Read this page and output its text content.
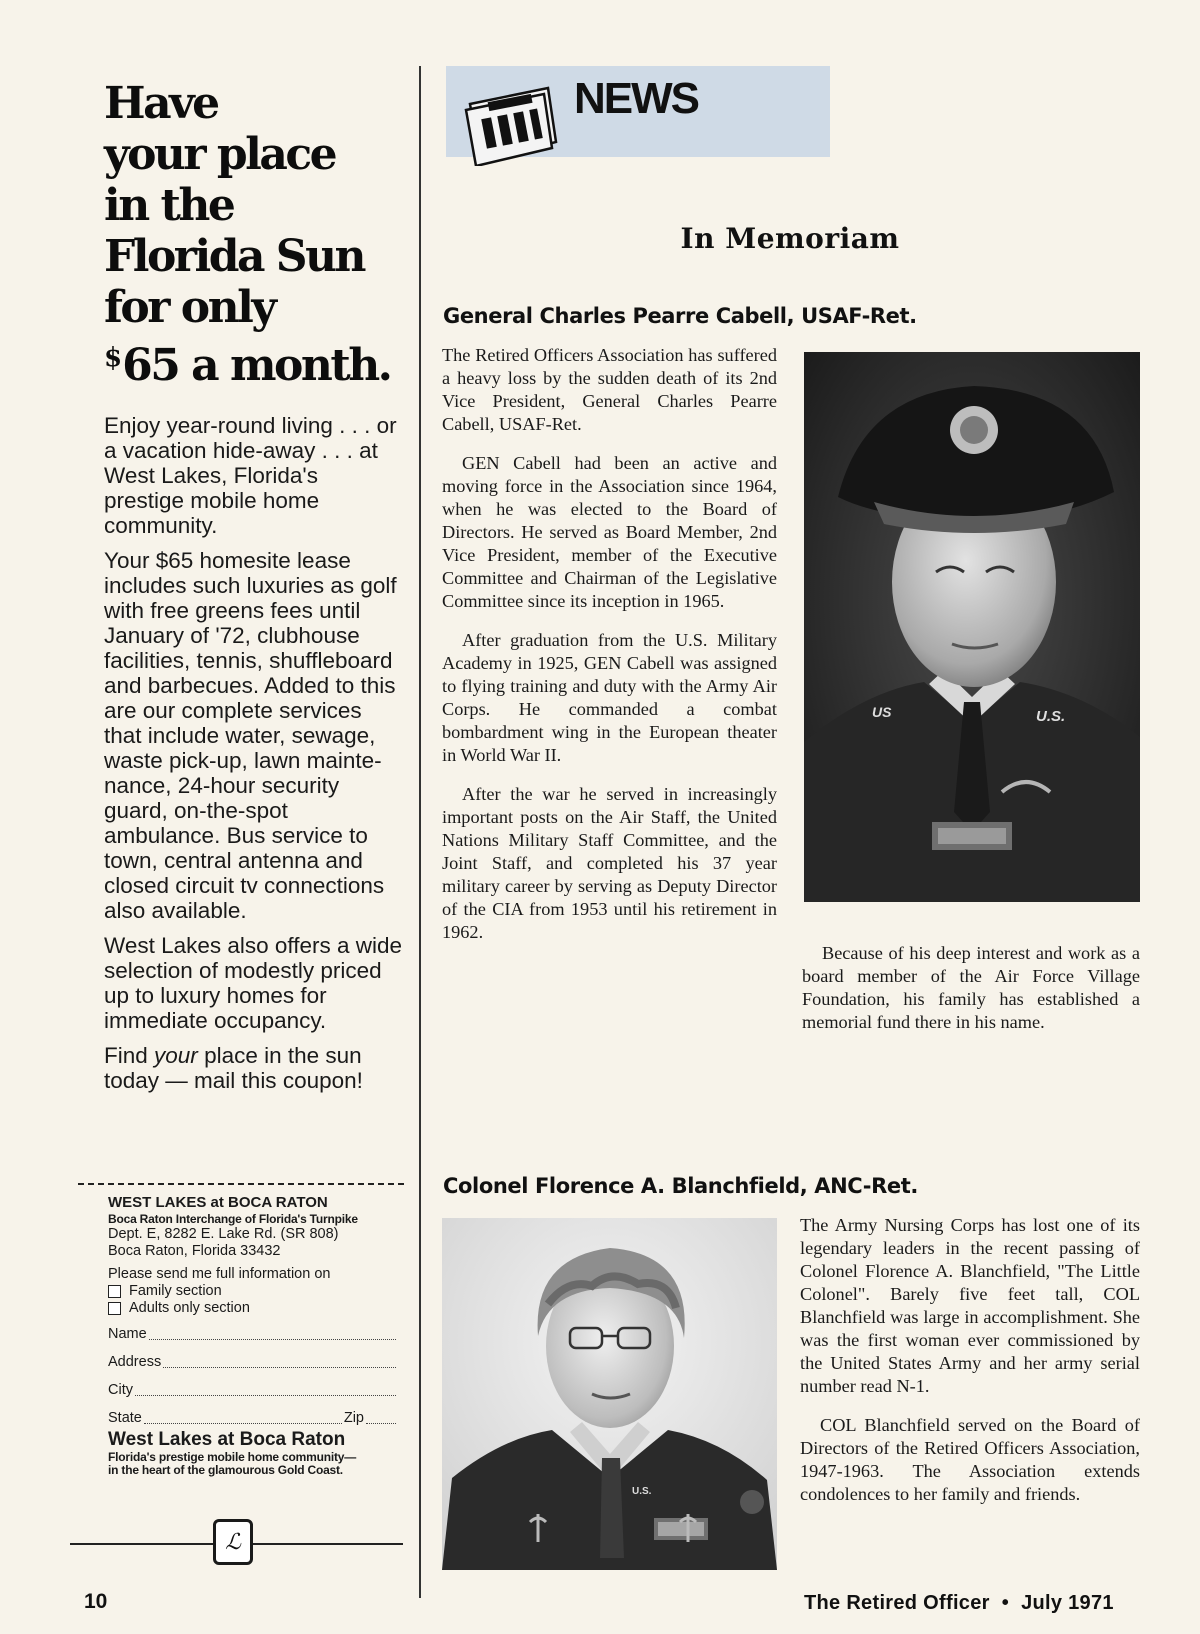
Have
your place
in the
Florida Sun
for only
$65 a month.
Enjoy year-round living . . . or a vacation hide-away . . . at West Lakes, Florida's prestige mobile home community.
Your $65 homesite lease includes such luxuries as golf with free greens fees until January of '72, clubhouse facilities, tennis, shuffleboard and barbecues. Added to this are our complete services that include water, sewage, waste pick-up, lawn mainte-nance, 24-hour security guard, on-the-spot ambulance. Bus service to town, central antenna and closed circuit tv connections also available.
West Lakes also offers a wide selection of modestly priced up to luxury homes for immediate occupancy.
Find your place in the sun today — mail this coupon!
WEST LAKES at BOCA RATON
Boca Raton Interchange of Florida's Turnpike
Dept. E, 8282 E. Lake Rd. (SR 808)
Boca Raton, Florida 33432
Please send me full information on
Family section
Adults only section
Name
Address
City
State	Zip
West Lakes at Boca Raton
Florida's prestige mobile home community—
in the heart of the glamourous Gold Coast.
ℒ
NEWS
In Memoriam
General Charles Pearre Cabell, USAF-Ret.

The Retired Officers Association has suffered a heavy loss by the sudden death of its 2nd Vice President, General Charles Pearre Cabell, USAF-Ret.

GEN Cabell had been an active and moving force in the Association since 1964, when he was elected to the Board of Directors. He served as Board Member, 2nd Vice President, member of the Executive Committee and Chairman of the Legislative Committee since its inception in 1965.

After graduation from the U.S. Military Academy in 1925, GEN Cabell was assigned to flying training and duty with the Army Air Corps. He commanded a combat bombardment wing in the European theater in World War II.

After the war he served in increasingly important posts on the Air Staff, the United Nations Military Staff Committee, and the Joint Staff, and completed his 37 year military career by serving as Deputy Director of the CIA from 1953 until his retirement in 1962.

US	U.S.

Because of his deep interest and work as a board member of the Air Force Village Foundation, his family has established a memorial fund there in his name.

Colonel Florence A. Blanchfield, ANC-Ret.
U.S.

The Army Nursing Corps has lost one of its legendary leaders in the recent passing of Colonel Florence A. Blanchfield, "The Little Colonel". Barely five feet tall, COL Blanchfield was large in accomplishment. She was the first woman ever commissioned by the United States Army and her army serial number read N-1.

COL Blanchfield served on the Board of Directors of the Retired Officers Association, 1947-1963. The Association extends condolences to her family and friends.

10	The Retired Officer • July 1971
